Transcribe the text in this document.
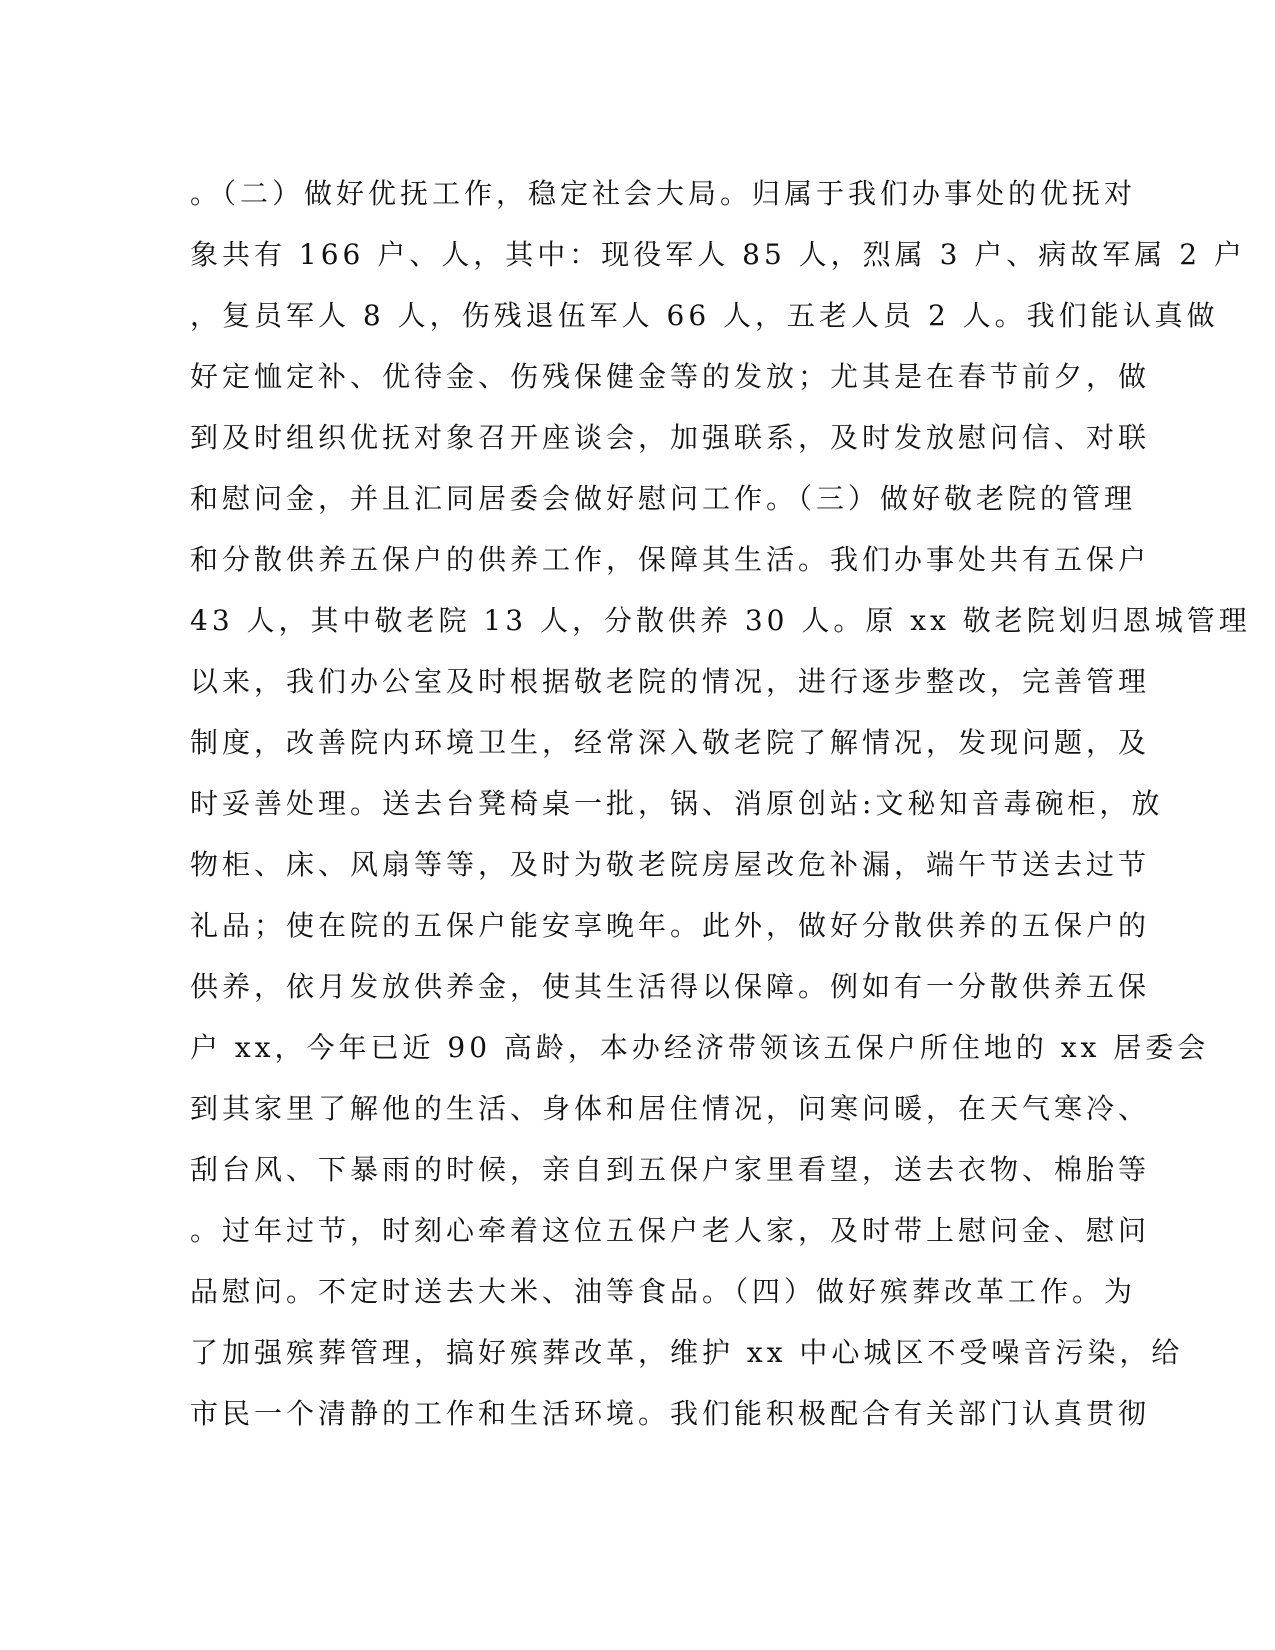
。（二）做好优抚工作，稳定社会大局。归属于我们办事处的优抚对
象共有 166 户、人，其中：现役军人 85 人，烈属 3 户、病故军属 2 户
，复员军人 8 人，伤残退伍军人 66 人，五老人员 2 人。我们能认真做
好定恤定补、优待金、伤残保健金等的发放；尤其是在春节前夕，做
到及时组织优抚对象召开座谈会，加强联系，及时发放慰问信、对联
和慰问金，并且汇同居委会做好慰问工作。（三）做好敬老院的管理
和分散供养五保户的供养工作，保障其生活。我们办事处共有五保户
43 人，其中敬老院 13 人，分散供养 30 人。原 xx 敬老院划归恩城管理
以来，我们办公室及时根据敬老院的情况，进行逐步整改，完善管理
制度，改善院内环境卫生，经常深入敬老院了解情况，发现问题，及
时妥善处理。送去台凳椅桌一批，锅、消原创站:文秘知音毒碗柜，放
物柜、床、风扇等等，及时为敬老院房屋改危补漏，端午节送去过节
礼品；使在院的五保户能安享晚年。此外，做好分散供养的五保户的
供养，依月发放供养金，使其生活得以保障。例如有一分散供养五保
户 xx，今年已近 90 高龄，本办经济带领该五保户所住地的 xx 居委会
到其家里了解他的生活、身体和居住情况，问寒问暖，在天气寒冷、
刮台风、下暴雨的时候，亲自到五保户家里看望，送去衣物、棉胎等
。过年过节，时刻心牵着这位五保户老人家，及时带上慰问金、慰问
品慰问。不定时送去大米、油等食品。（四）做好殡葬改革工作。为
了加强殡葬管理，搞好殡葬改革，维护 xx 中心城区不受噪音污染，给
市民一个清静的工作和生活环境。我们能积极配合有关部门认真贯彻
